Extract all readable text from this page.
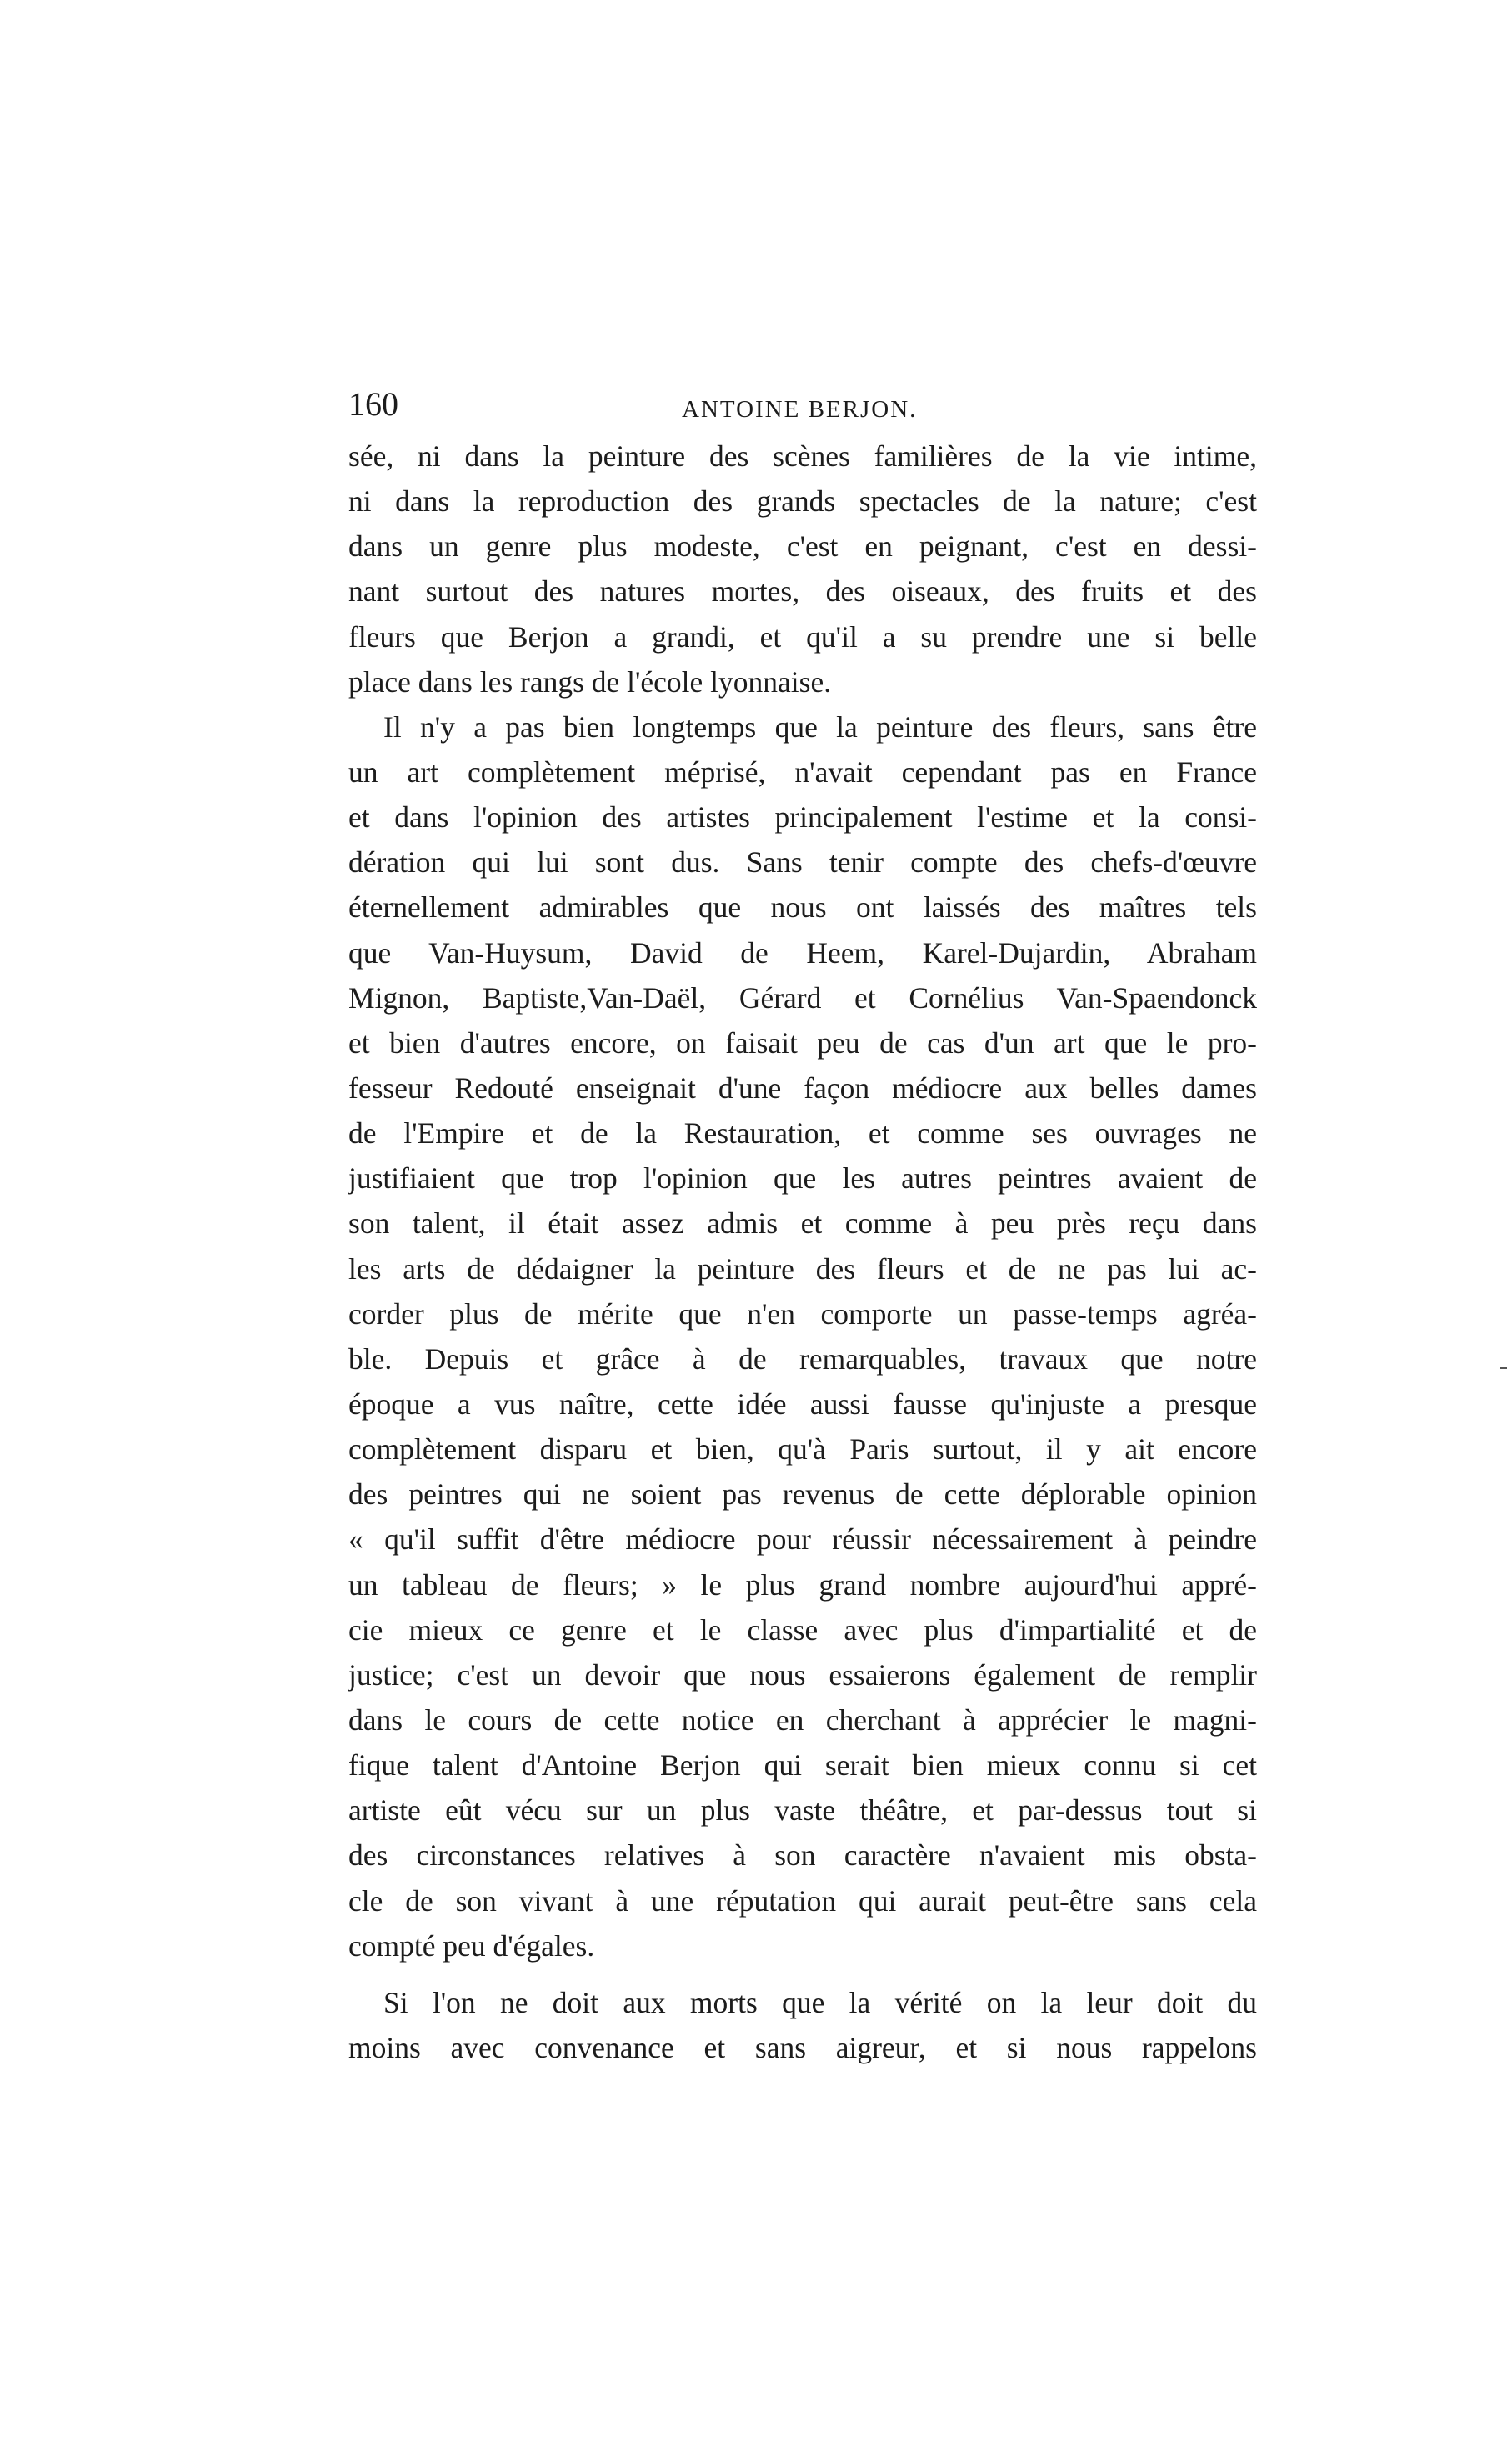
160	ANTOINE BERJON.
sée, ni dans la peinture des scènes familières de la vie intime,
ni dans la reproduction des grands spectacles de la nature; c'est
dans un genre plus modeste, c'est en peignant, c'est en dessi-
nant surtout des natures mortes, des oiseaux, des fruits et des
fleurs que Berjon a grandi, et qu'il a su prendre une si belle
place dans les rangs de l'école lyonnaise.
Il n'y a pas bien longtemps que la peinture des fleurs, sans être
un art complètement méprisé, n'avait cependant pas en France
et dans l'opinion des artistes principalement l'estime et la consi-
dération qui lui sont dus. Sans tenir compte des chefs-d'œuvre
éternellement admirables que nous ont laissés des maîtres tels
que Van-Huysum, David de Heem, Karel-Dujardin, Abraham
Mignon, Baptiste,Van-Daël, Gérard et Cornélius Van-Spaendonck
et bien d'autres encore, on faisait peu de cas d'un art que le pro-
fesseur Redouté enseignait d'une façon médiocre aux belles dames
de l'Empire et de la Restauration, et comme ses ouvrages ne
justifiaient que trop l'opinion que les autres peintres avaient de
son talent, il était assez admis et comme à peu près reçu dans
les arts de dédaigner la peinture des fleurs et de ne pas lui ac-
corder plus de mérite que n'en comporte un passe-temps agréa-
ble. Depuis et grâce à de remarquables, travaux que notre
époque a vus naître, cette idée aussi fausse qu'injuste a presque
complètement disparu et bien, qu'à Paris surtout, il y ait encore
des peintres qui ne soient pas revenus de cette déplorable opinion
« qu'il suffit d'être médiocre pour réussir nécessairement à peindre
un tableau de fleurs; » le plus grand nombre aujourd'hui appré-
cie mieux ce genre et le classe avec plus d'impartialité et de
justice; c'est un devoir que nous essaierons également de remplir
dans le cours de cette notice en cherchant à apprécier le magni-
fique talent d'Antoine Berjon qui serait bien mieux connu si cet
artiste eût vécu sur un plus vaste théâtre, et par-dessus tout si
des circonstances relatives à son caractère n'avaient mis obsta-
cle de son vivant à une réputation qui aurait peut-être sans cela
compté peu d'égales.
Si l'on ne doit aux morts que la vérité on la leur doit du
moins avec convenance et sans aigreur, et si nous rappelons
